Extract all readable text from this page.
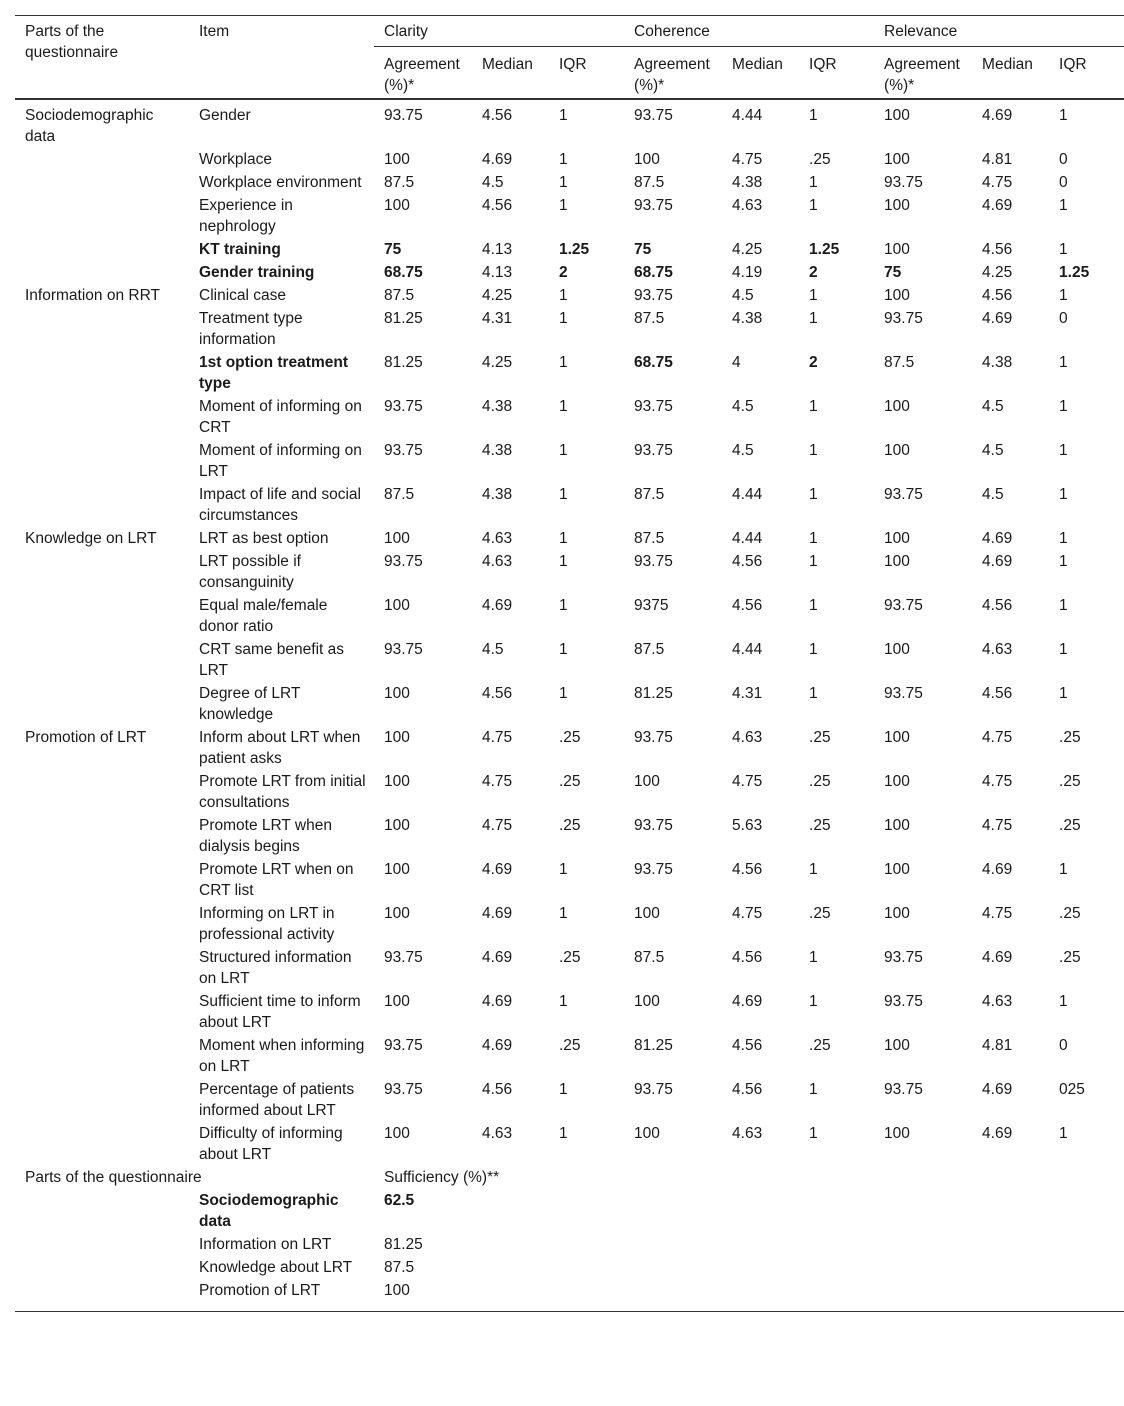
Parts of the questionnaire	Item	Clarity			Coherence			Relevance		
		Agreement (%)*	Median	IQR	Agreement (%)*	Median	IQR	Agreement (%)*	Median	IQR
Sociodemographic data	Gender	93.75	4.56	1	93.75	4.44	1	100	4.69	1
	Workplace	100	4.69	1	100	4.75	.25	100	4.81	0
	Workplace environment	87.5	4.5	1	87.5	4.38	1	93.75	4.75	0
	Experience in nephrology	100	4.56	1	93.75	4.63	1	100	4.69	1
	KT training	75	4.13	1.25	75	4.25	1.25	100	4.56	1
	Gender training	68.75	4.13	2	68.75	4.19	2	75	4.25	1.25
Information on RRT	Clinical case	87.5	4.25	1	93.75	4.5	1	100	4.56	1
	Treatment type information	81.25	4.31	1	87.5	4.38	1	93.75	4.69	0
	1st option treatment type	81.25	4.25	1	68.75	4	2	87.5	4.38	1
	Moment of informing on CRT	93.75	4.38	1	93.75	4.5	1	100	4.5	1
	Moment of informing on LRT	93.75	4.38	1	93.75	4.5	1	100	4.5	1
	Impact of life and social circumstances	87.5	4.38	1	87.5	4.44	1	93.75	4.5	1
Knowledge on LRT	LRT as best option	100	4.63	1	87.5	4.44	1	100	4.69	1
	LRT possible if consanguinity	93.75	4.63	1	93.75	4.56	1	100	4.69	1
	Equal male/female donor ratio	100	4.69	1	9375	4.56	1	93.75	4.56	1
	CRT same benefit as LRT	93.75	4.5	1	87.5	4.44	1	100	4.63	1
	Degree of LRT knowledge	100	4.56	1	81.25	4.31	1	93.75	4.56	1
Promotion of LRT	Inform about LRT when patient asks	100	4.75	.25	93.75	4.63	.25	100	4.75	.25
	Promote LRT from initial consultations	100	4.75	.25	100	4.75	.25	100	4.75	.25
	Promote LRT when dialysis begins	100	4.75	.25	93.75	5.63	.25	100	4.75	.25
	Promote LRT when on CRT list	100	4.69	1	93.75	4.56	1	100	4.69	1
	Informing on LRT in professional activity	100	4.69	1	100	4.75	.25	100	4.75	.25
	Structured information on LRT	93.75	4.69	.25	87.5	4.56	1	93.75	4.69	.25
	Sufficient time to inform about LRT	100	4.69	1	100	4.69	1	93.75	4.63	1
	Moment when informing on LRT	93.75	4.69	.25	81.25	4.56	.25	100	4.81	0
	Percentage of patients informed about LRT	93.75	4.56	1	93.75	4.56	1	93.75	4.69	025
	Difficulty of informing about LRT	100	4.63	1	100	4.63	1	100	4.69	1
Parts of the questionnaire		Sufficiency (%)**								
	Sociodemographic data	62.5								
	Information on LRT	81.25								
	Knowledge about LRT	87.5								
	Promotion of LRT	100								
